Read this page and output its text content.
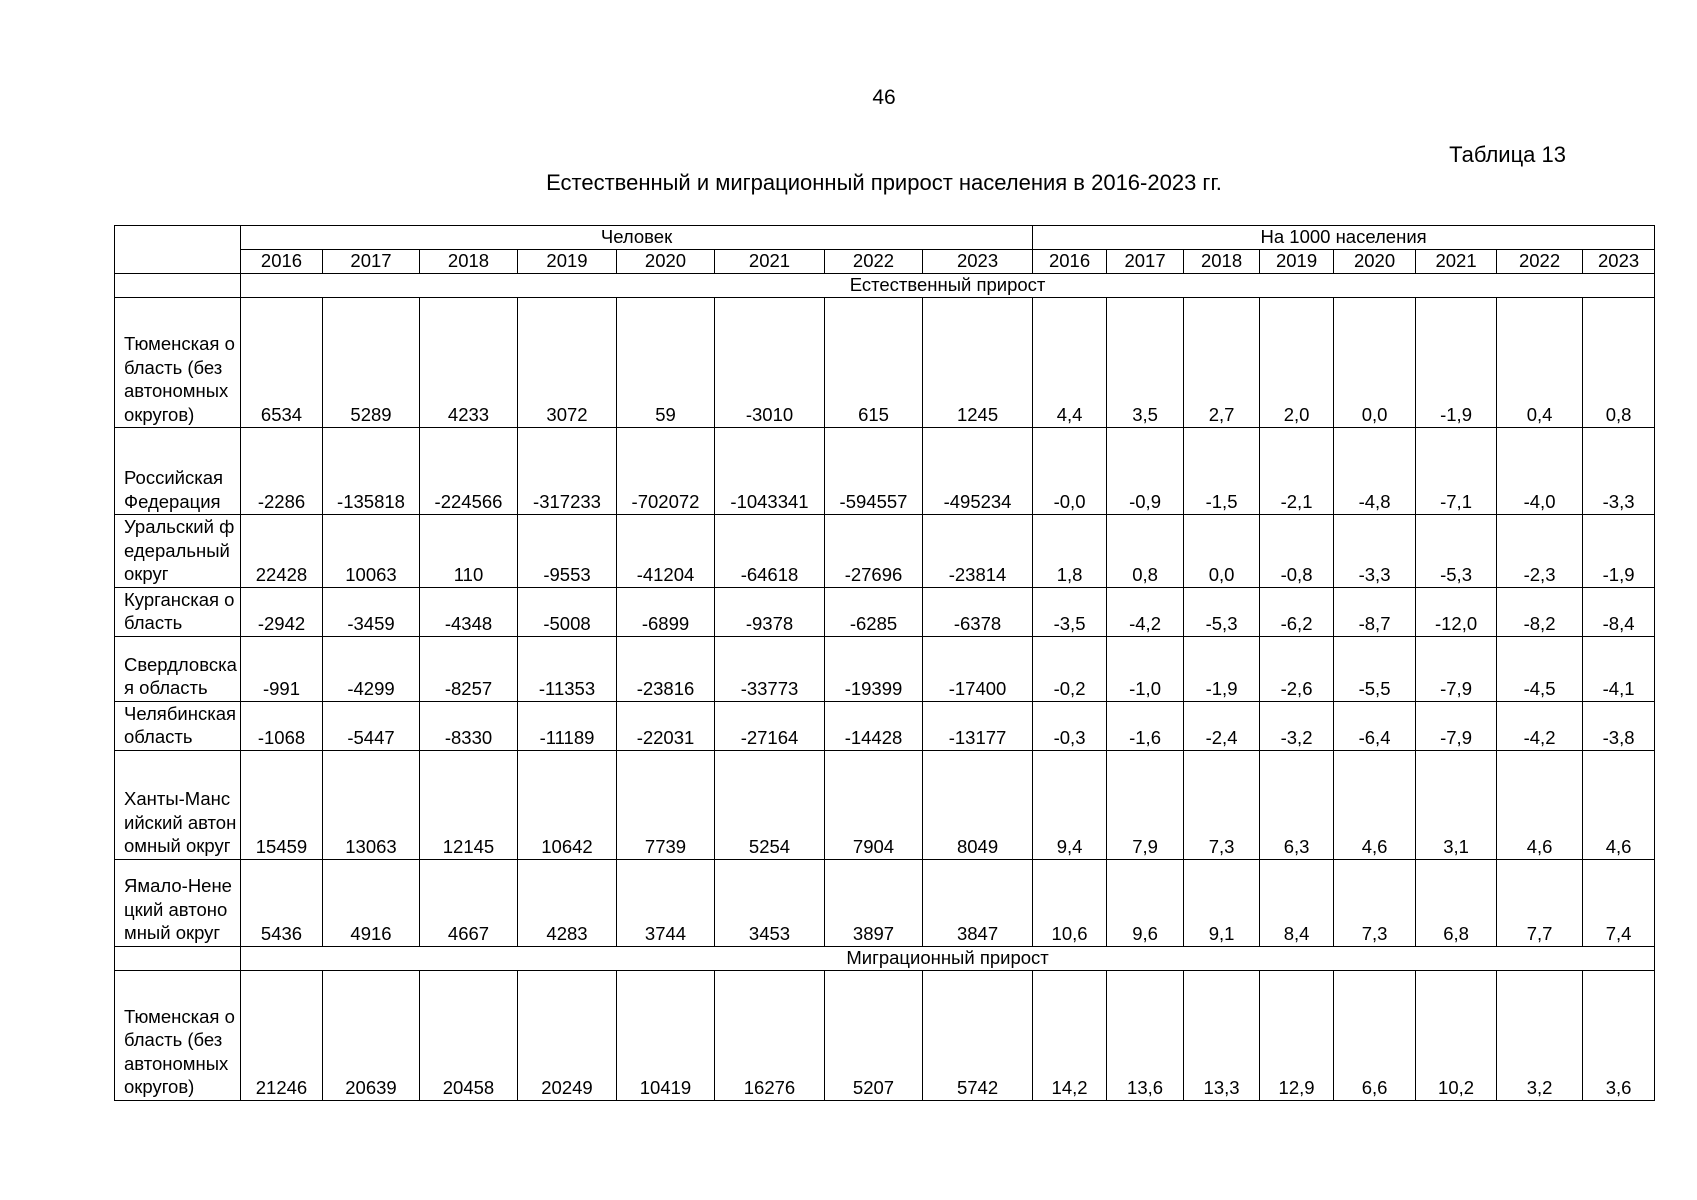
46
Таблица 13
Естественный и миграционный прирост населения в 2016-2023 гг.
	Человек								На 1000 населения							
	2016	2017	2018	2019	2020	2021	2022	2023	2016	2017	2018	2019	2020	2021	2022	2023
	Естественный прирост															
Тюменская область (без автономных округов)	6534	5289	4233	3072	59	-3010	615	1245	4,4	3,5	2,7	2,0	0,0	-1,9	0,4	0,8
Российская Федерация	-2286	-135818	-224566	-317233	-702072	-1043341	-594557	-495234	-0,0	-0,9	-1,5	-2,1	-4,8	-7,1	-4,0	-3,3
Уральский федеральный округ	22428	10063	110	-9553	-41204	-64618	-27696	-23814	1,8	0,8	0,0	-0,8	-3,3	-5,3	-2,3	-1,9
Курганская область	-2942	-3459	-4348	-5008	-6899	-9378	-6285	-6378	-3,5	-4,2	-5,3	-6,2	-8,7	-12,0	-8,2	-8,4
Свердловская область	-991	-4299	-8257	-11353	-23816	-33773	-19399	-17400	-0,2	-1,0	-1,9	-2,6	-5,5	-7,9	-4,5	-4,1
Челябинская область	-1068	-5447	-8330	-11189	-22031	-27164	-14428	-13177	-0,3	-1,6	-2,4	-3,2	-6,4	-7,9	-4,2	-3,8
Ханты-Мансийский автономный округ	15459	13063	12145	10642	7739	5254	7904	8049	9,4	7,9	7,3	6,3	4,6	3,1	4,6	4,6
Ямало-Ненецкий автономный округ	5436	4916	4667	4283	3744	3453	3897	3847	10,6	9,6	9,1	8,4	7,3	6,8	7,7	7,4
	Миграционный прирост															
Тюменская область (без автономных округов)	21246	20639	20458	20249	10419	16276	5207	5742	14,2	13,6	13,3	12,9	6,6	10,2	3,2	3,6
